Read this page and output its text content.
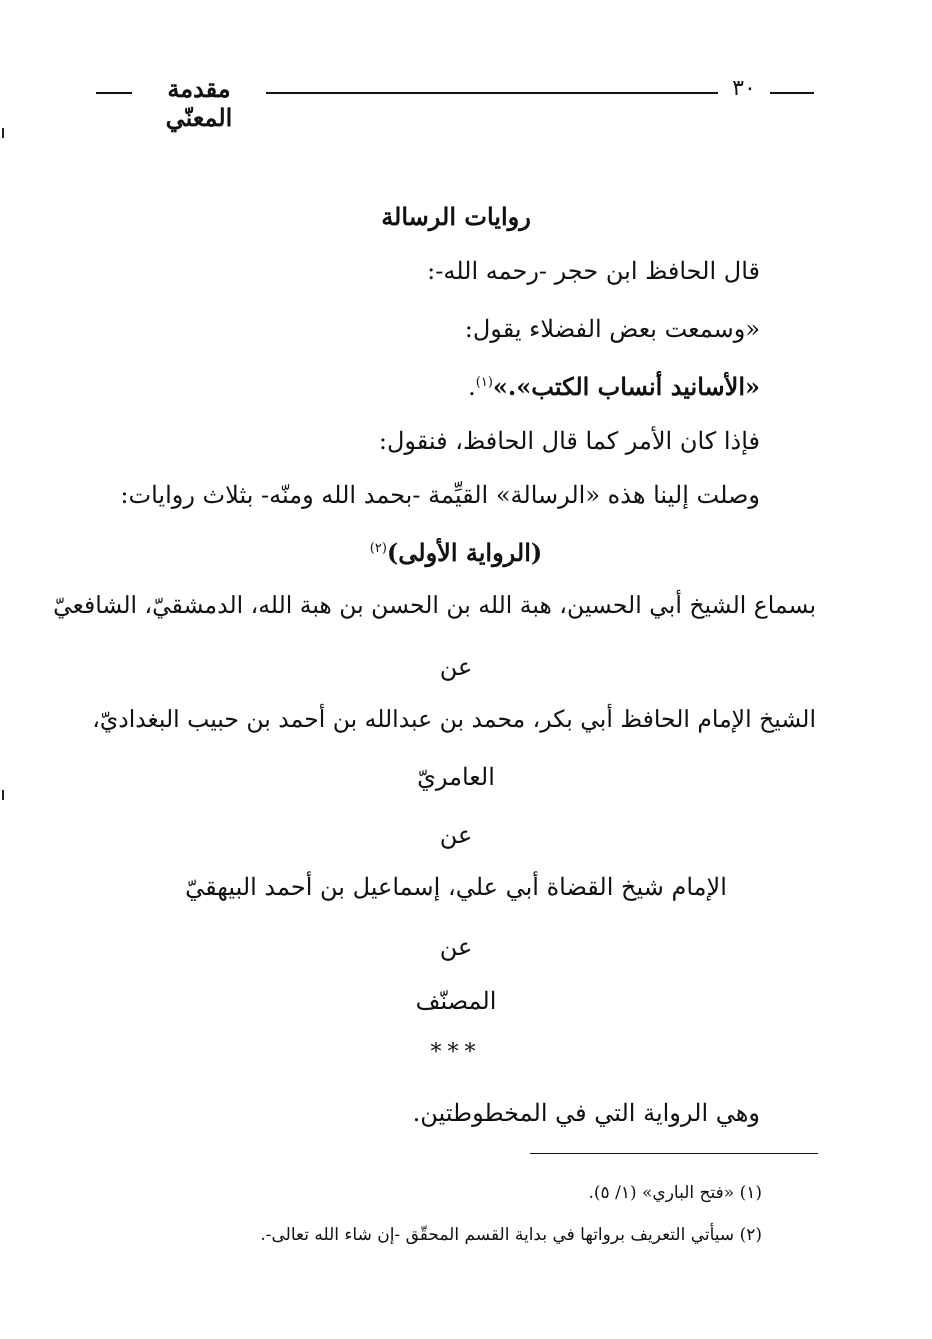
٣٠
مقدمة المعنّي
روايات الرسالة
قال الحافظ ابن حجر -رحمه الله-:
«وسمعت بعض الفضلاء يقول:
«الأسانيد أنساب الكتب».»$^{(١)}$.
فإذا كان الأمر كما قال الحافظ، فنقول:
وصلت إلينا هذه «الرسالة» القيِّمة -بحمد الله ومنّه- بثلاث روايات:
(الرواية الأولى)$^{(٢)}$
بسماع الشيخ أبي الحسين، هبة الله بن الحسن بن هبة الله، الدمشقيّ، الشافعيّ
عن
الشيخ الإمام الحافظ أبي بكر، محمد بن عبدالله بن أحمد بن حبيب البغداديّ،
العامريّ
عن
الإمام شيخ القضاة أبي علي، إسماعيل بن أحمد البيهقيّ
عن
المصنّف
***
وهي الرواية التي في المخطوطتين.
(١) «فتح الباري» (١/ ٥).
(٢) سيأتي التعريف برواتها في بداية القسم المحقّق -إن شاء الله تعالى-.
